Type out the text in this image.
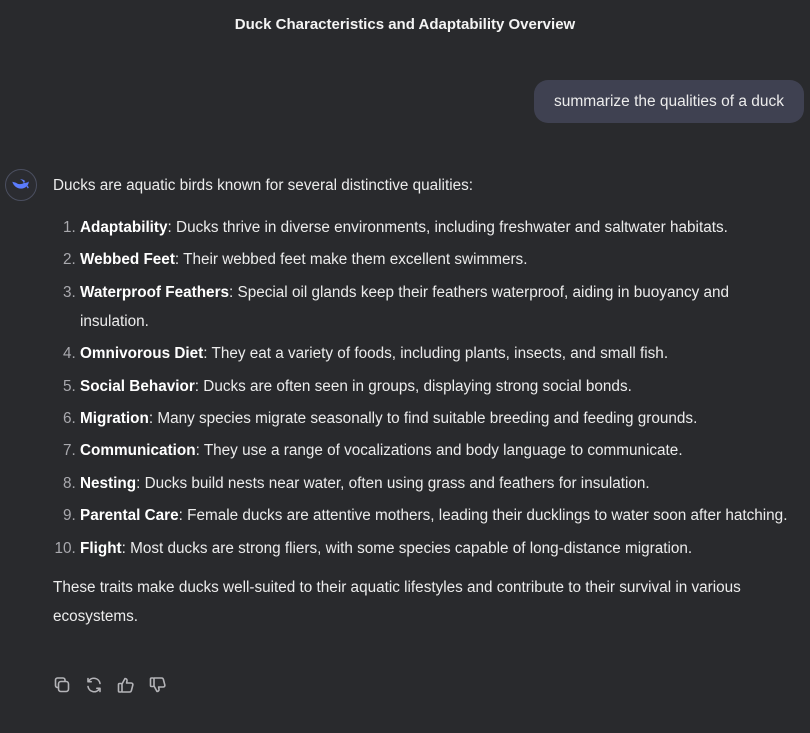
Duck Characteristics and Adaptability Overview
summarize the qualities of a duck

Ducks are aquatic birds known for several distinctive qualities:

1. Adaptability: Ducks thrive in diverse environments, including freshwater and saltwater habitats.
2. Webbed Feet: Their webbed feet make them excellent swimmers.
3. Waterproof Feathers: Special oil glands keep their feathers waterproof, aiding in buoyancy and insulation.
4. Omnivorous Diet: They eat a variety of foods, including plants, insects, and small fish.
5. Social Behavior: Ducks are often seen in groups, displaying strong social bonds.
6. Migration: Many species migrate seasonally to find suitable breeding and feeding grounds.
7. Communication: They use a range of vocalizations and body language to communicate.
8. Nesting: Ducks build nests near water, often using grass and feathers for insulation.
9. Parental Care: Female ducks are attentive mothers, leading their ducklings to water soon after hatching.
10. Flight: Most ducks are strong fliers, with some species capable of long-distance migration.

These traits make ducks well-suited to their aquatic lifestyles and contribute to their survival in various ecosystems.
